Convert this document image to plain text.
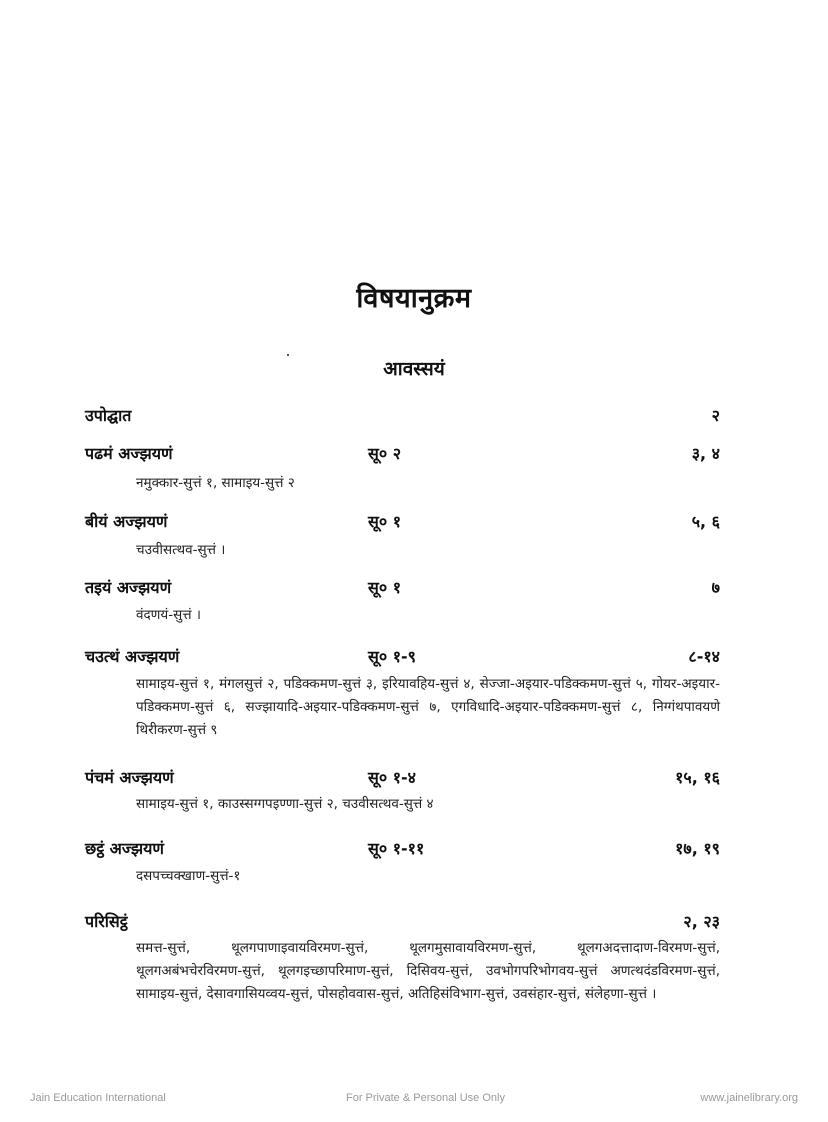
विषयानुक्रम
आवस्सयं
उपोद्घात	२
पढमं अज्झयणं	सू० २	३, ४
नमुक्कार-सुत्तं १, सामाइय-सुत्तं २
बीयं अज्झयणं	सू० १	५, ६
चउवीसत्थव-सुत्तं ।
तइयं अज्झयणं	सू० १	७
वंदणयं-सुत्तं ।
चउत्थं अज्झयणं	सू० १-९	८-१४
सामाइय-सुत्तं १, मंगलसुत्तं २, पडिक्कमण-सुत्तं ३, इरियावहिय-सुत्तं ४, सेज्जा-अइयार-पडिक्कमण-सुत्तं ५, गोयर-अइयार-पडिक्कमण-सुत्तं ६, सज्झायादि-अइयार-पडिक्कमण-सुत्तं ७, एगविधादि-अइयार-पडिक्कमण-सुत्तं ८, निग्गंथपावयणे थिरीकरण-सुत्तं ९
पंचमं अज्झयणं	सू० १-४	१५, १६
सामाइय-सुत्तं १, काउस्सग्गपइण्णा-सुत्तं २, चउवीसत्थव-सुत्तं ४
छट्ठं अज्झयणं	सू० १-११	१७, १९
दसपच्चक्खाण-सुत्तं-१
परिसिट्ठं	२, २३
समत्त-सुत्तं, थूलगपाणाइवायविरमण-सुत्तं, थूलगमुसावायविरमण-सुत्तं, थूलगअदत्तादाण-विरमण-सुत्तं, थूलगअबंभचेरविरमण-सुत्तं, थूलगइच्छापरिमाण-सुत्तं, दिसिवय-सुत्तं, उवभोगपरिभोगवय-सुत्तं अणत्थदंडविरमण-सुत्तं, सामाइय-सुत्तं, देसावगासियव्वय-सुत्तं, पोसहोववास-सुत्तं, अतिहिसंविभाग-सुत्तं, उवसंहार-सुत्तं, संलेहणा-सुत्तं ।
Jain Education International	For Private & Personal Use Only	www.jainelibrary.org
